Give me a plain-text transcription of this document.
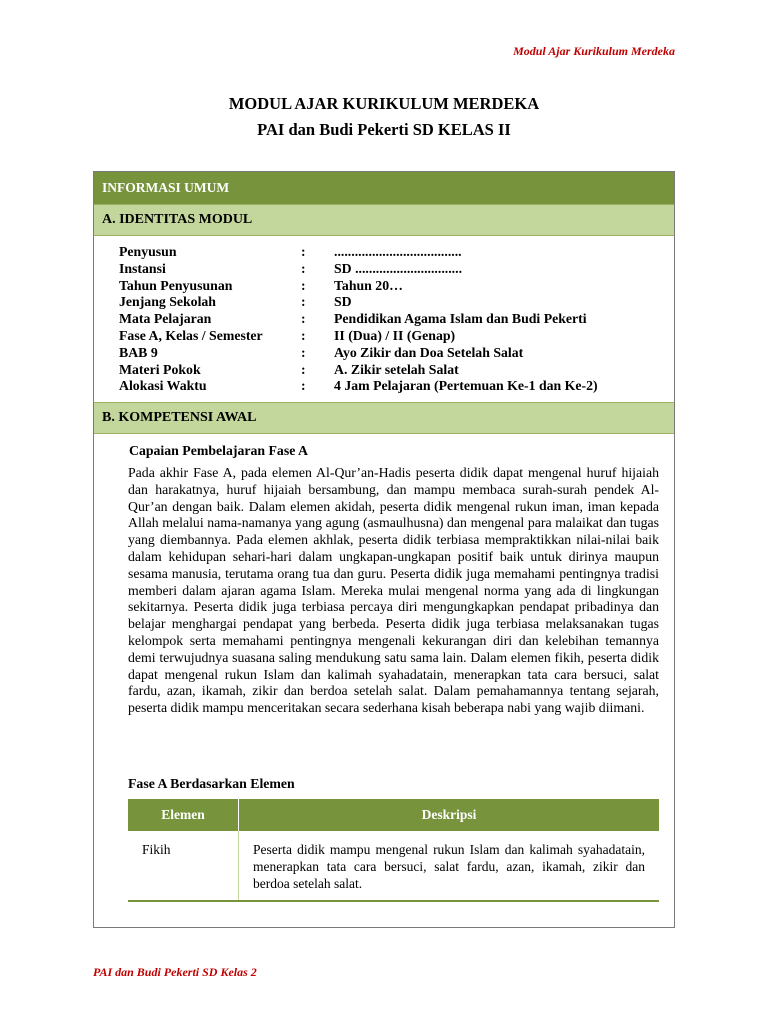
Modul Ajar Kurikulum Merdeka
MODUL AJAR KURIKULUM MERDEKA
PAI dan Budi Pekerti SD KELAS II
INFORMASI UMUM
A. IDENTITAS MODUL
Penyusun	:	.....................................
Instansi	:	SD ...............................
Tahun Penyusunan	:	Tahun 20…
Jenjang Sekolah	:	SD
Mata Pelajaran	:	Pendidikan Agama Islam dan Budi Pekerti
Fase A, Kelas / Semester	:	II (Dua) / II (Genap)
BAB 9	:	Ayo Zikir dan Doa Setelah Salat
Materi Pokok	:	A. Zikir setelah Salat
Alokasi Waktu	:	4 Jam Pelajaran (Pertemuan Ke-1 dan Ke-2)
B. KOMPETENSI AWAL
Capaian Pembelajaran Fase A
Pada akhir Fase A, pada elemen Al-Qur’an-Hadis peserta didik dapat mengenal huruf hijaiah dan harakatnya, huruf hijaiah bersambung, dan mampu membaca surah-surah pendek Al-Qur’an dengan baik. Dalam elemen akidah, peserta didik mengenal rukun iman, iman kepada Allah melalui nama-namanya yang agung (asmaulhusna) dan mengenal para malaikat dan tugas yang diembannya. Pada elemen akhlak, peserta didik terbiasa mempraktikkan nilai-nilai baik dalam kehidupan sehari-hari dalam ungkapan-ungkapan positif baik untuk dirinya maupun sesama manusia, terutama orang tua dan guru. Peserta didik juga memahami pentingnya tradisi memberi dalam ajaran agama Islam. Mereka mulai mengenal norma yang ada di lingkungan sekitarnya. Peserta didik juga terbiasa percaya diri mengungkapkan pendapat pribadinya dan belajar menghargai pendapat yang berbeda. Peserta didik juga terbiasa melaksanakan tugas kelompok serta memahami pentingnya mengenali kekurangan diri dan kelebihan temannya demi terwujudnya suasana saling mendukung satu sama lain. Dalam elemen fikih, peserta didik dapat mengenal rukun Islam dan kalimah syahadatain, menerapkan tata cara bersuci, salat fardu, azan, ikamah, zikir dan berdoa setelah salat. Dalam pemahamannya tentang sejarah, peserta didik mampu menceritakan secara sederhana kisah beberapa nabi yang wajib diimani.
Fase A Berdasarkan Elemen
Elemen	Deskripsi
Fikih	Peserta didik mampu mengenal rukun Islam dan kalimah syahadatain, menerapkan tata cara bersuci, salat fardu, azan, ikamah, zikir dan berdoa setelah salat.
PAI dan Budi Pekerti SD Kelas 2
